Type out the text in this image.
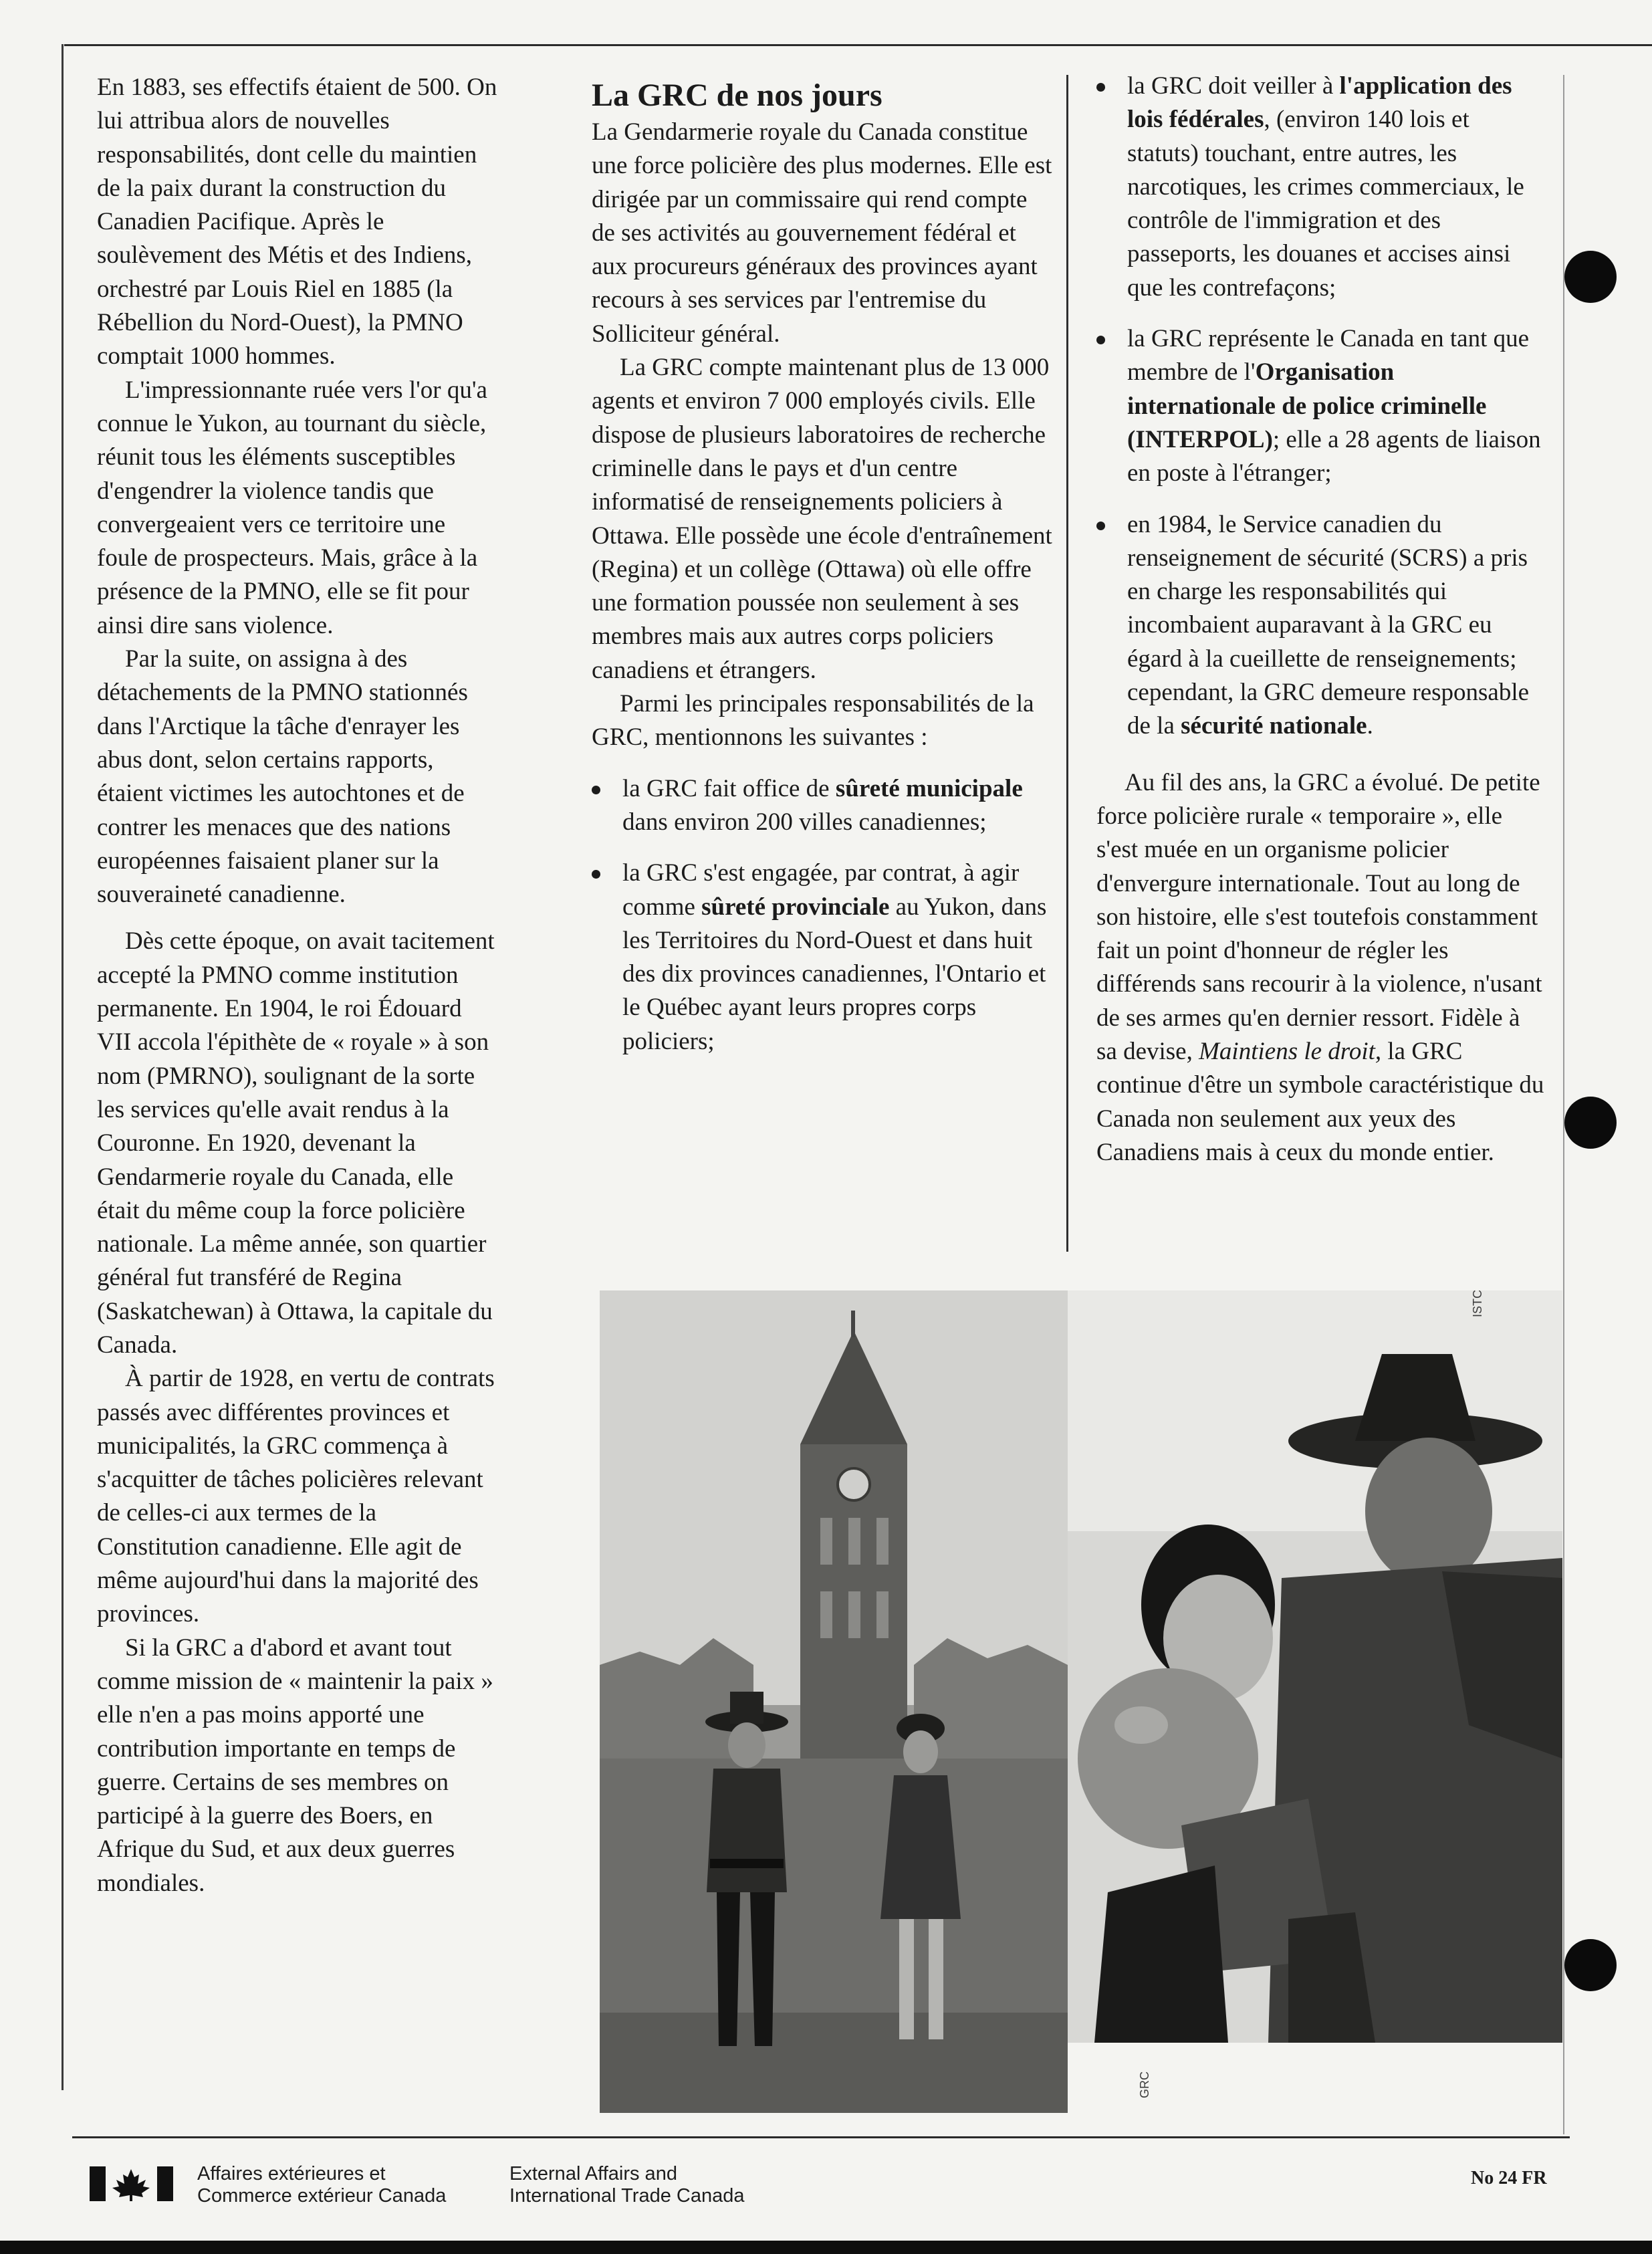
En 1883, ses effectifs étaient de 500. On lui attribua alors de nouvelles responsabilités, dont celle du maintien de la paix durant la construction du Canadien Pacifique. Après le soulèvement des Métis et des Indiens, orchestré par Louis Riel en 1885 (la Rébellion du Nord-Ouest), la PMNO comptait 1000 hommes.

L'impressionnante ruée vers l'or qu'a connue le Yukon, au tournant du siècle, réunit tous les éléments susceptibles d'engendrer la violence tandis que convergeaient vers ce territoire une foule de prospecteurs. Mais, grâce à la présence de la PMNO, elle se fit pour ainsi dire sans violence.

Par la suite, on assigna à des détachements de la PMNO stationnés dans l'Arctique la tâche d'enrayer les abus dont, selon certains rapports, étaient victimes les autochtones et de contrer les menaces que des nations européennes faisaient planer sur la souveraineté canadienne.

Dès cette époque, on avait tacitement accepté la PMNO comme institution permanente. En 1904, le roi Édouard VII accola l'épithète de « royale » à son nom (PMRNO), soulignant de la sorte les services qu'elle avait rendus à la Couronne. En 1920, devenant la Gendarmerie royale du Canada, elle était du même coup la force policière nationale. La même année, son quartier général fut transféré de Regina (Saskatchewan) à Ottawa, la capitale du Canada.

À partir de 1928, en vertu de contrats passés avec différentes provinces et municipalités, la GRC commença à s'acquitter de tâches policières relevant de celles-ci aux termes de la Constitution canadienne. Elle agit de même aujourd'hui dans la majorité des provinces.

Si la GRC a d'abord et avant tout comme mission de « maintenir la paix » elle n'en a pas moins apporté une contribution importante en temps de guerre. Certains de ses membres on participé à la guerre des Boers, en Afrique du Sud, et aux deux guerres mondiales.

La GRC de nos jours

La Gendarmerie royale du Canada constitue une force policière des plus modernes. Elle est dirigée par un commissaire qui rend compte de ses activités au gouvernement fédéral et aux procureurs généraux des provinces ayant recours à ses services par l'entremise du Solliciteur général.

La GRC compte maintenant plus de 13 000 agents et environ 7 000 employés civils. Elle dispose de plusieurs laboratoires de recherche criminelle dans le pays et d'un centre informatisé de renseignements policiers à Ottawa. Elle possède une école d'entraînement (Regina) et un collège (Ottawa) où elle offre une formation poussée non seulement à ses membres mais aux autres corps policiers canadiens et étrangers.

Parmi les principales responsabilités de la GRC, mentionnons les suivantes :

la GRC fait office de sûreté municipale dans environ 200 villes canadiennes;
la GRC s'est engagée, par contrat, à agir comme sûreté provinciale au Yukon, dans les Territoires du Nord-Ouest et dans huit des dix provinces canadiennes, l'Ontario et le Québec ayant leurs propres corps policiers;
la GRC doit veiller à l'application des lois fédérales, (environ 140 lois et statuts) touchant, entre autres, les narcotiques, les crimes commerciaux, le contrôle de l'immigration et des passeports, les douanes et accises ainsi que les contrefaçons;
la GRC représente le Canada en tant que membre de l'Organisation internationale de police criminelle (INTERPOL); elle a 28 agents de liaison en poste à l'étranger;
en 1984, le Service canadien du renseignement de sécurité (SCRS) a pris en charge les responsabilités qui incombaient auparavant à la GRC eu égard à la cueillette de renseignements; cependant, la GRC demeure responsable de la sécurité nationale.

Au fil des ans, la GRC a évolué. De petite force policière rurale « temporaire », elle s'est muée en un organisme policier d'envergure internationale. Tout au long de son histoire, elle s'est toutefois constamment fait un point d'honneur de régler les différends sans recourir à la violence, n'usant de ses armes qu'en dernier ressort. Fidèle à sa devise, Maintiens le droit, la GRC continue d'être un symbole caractéristique du Canada non seulement aux yeux des Canadiens mais à ceux du monde entier.

ISTC
GRC
Affaires extérieures et
Commerce extérieur Canada
External Affairs and
International Trade Canada
No 24 FR
